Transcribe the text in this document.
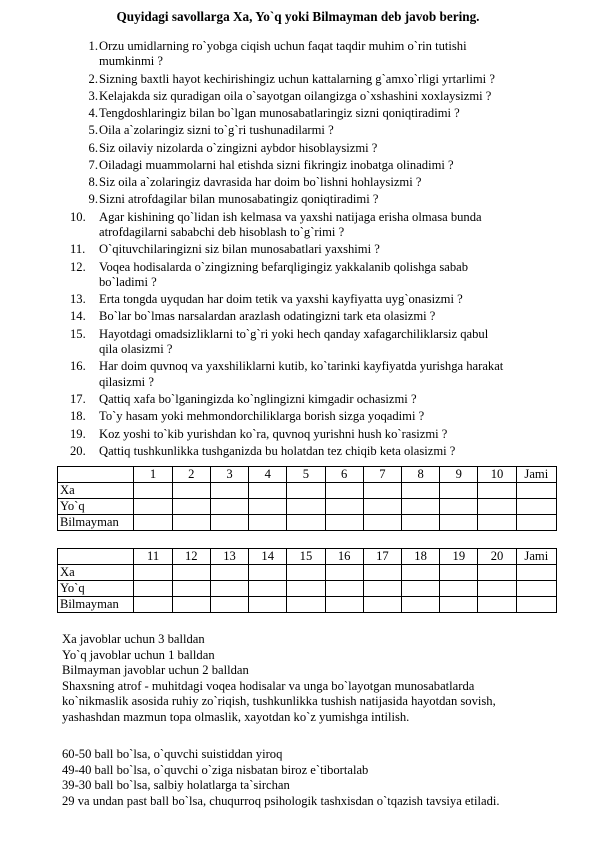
Quyidagi savollarga Xa, Yo`q yoki Bilmayman deb javob bering.
1. Orzu umidlarning ro`yobga ciqish uchun faqat taqdir muhim o`rin tutishi
mumkinmi ?
2. Sizning baxtli hayot kechirishingiz uchun kattalarning g`amxo`rligi yrtarlimi ?
3. Kelajakda siz quradigan oila o`sayotgan oilangizga o`xshashini xoxlaysizmi ?
4. Tengdoshlaringiz bilan bo`lgan munosabatlaringiz sizni qoniqtiradimi ?
5. Oila a`zolaringiz sizni to`g`ri tushunadilarmi ?
6. Siz oilaviy nizolarda o`zingizni aybdor hisoblaysizmi ?
7. Oiladagi muammolarni hal etishda sizni fikringiz inobatga olinadimi ?
8. Siz oila a`zolaringiz davrasida har doim bo`lishni hohlaysizmi ?
9. Sizni atrofdagilar bilan munosabatingiz qoniqtiradimi ?
10.	Agar kishining qo`lidan ish kelmasa va yaxshi natijaga erisha olmasa bunda
atrofdagilarni sababchi deb hisoblash to`g`rimi ?
11.	O`qituvchilaringizni siz bilan munosabatlari yaxshimi ?
12.	Voqea hodisalarda o`zingizning befarqligingiz yakkalanib qolishga sabab
bo`ladimi ?
13.	Erta tongda uyqudan har doim tetik va yaxshi kayfiyatta uyg`onasizmi ?
14.	Bo`lar bo`lmas narsalardan arazlash odatingizni tark eta olasizmi ?
15.	Hayotdagi omadsizliklarni to`g`ri yoki hech qanday xafagarchiliklarsiz qabul
qila olasizmi ?
16.	Har doim quvnoq va yaxshiliklarni kutib, ko`tarinki kayfiyatda yurishga harakat
qilasizmi ?
17.	Qattiq xafa bo`lganingizda ko`nglingizni kimgadir ochasizmi ?
18.	To`y hasam yoki mehmondorchiliklarga borish sizga yoqadimi ?
19.	Koz yoshi to`kib yurishdan ko`ra, quvnoq yurishni hush ko`rasizmi ?
20.	Qattiq tushkunlikka tushganizda bu holatdan tez chiqib keta olasizmi ?
	1	2	3	4	5	6	7	8	9	10	Jami
Xa											
Yo`q											
Bilmayman											
	11	12	13	14	15	16	17	18	19	20	Jami
Xa											
Yo`q											
Bilmayman											

Xa javoblar uchun 3 balldan

Yo`q javoblar uchun 1 balldan

Bilmayman javoblar uchun 2 balldan

Shaxsning atrof - muhitdagi voqea hodisalar va unga bo`layotgan munosabatlarda

ko`nikmaslik asosida ruhiy zo`riqish, tushkunlikka tushish natijasida hayotdan sovish,

yashashdan mazmun topa olmaslik, xayotdan ko`z yumishga intilish.

60-50 ball bo`lsa, o`quvchi suistiddan yiroq

49-40 ball bo`lsa, o`quvchi o`ziga nisbatan biroz e`tibortalab

39-30 ball bo`lsa, salbiy holatlarga ta`sirchan

29 va undan past ball bo`lsa, chuqurroq psihologik tashxisdan o`tqazish tavsiya etiladi.
